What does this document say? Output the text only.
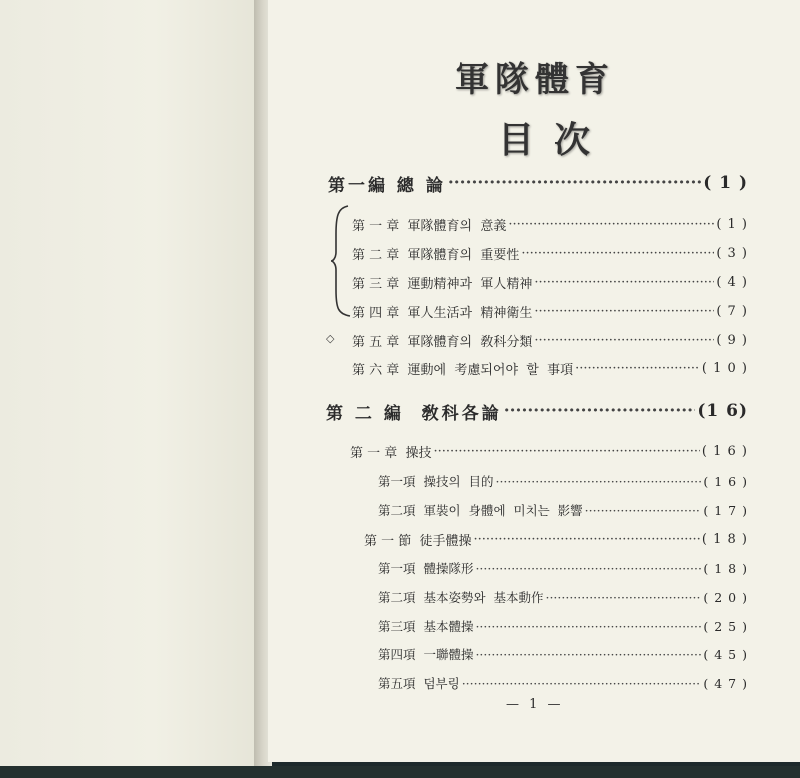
軍隊體育
目次
◇
第一編 總 論 ·····	( 1 )
第 一 章  軍隊體育의  意義 ·····	( 1 )
第 二 章  軍隊體育의  重要性 ·····	( 3 )
第 三 章  運動精神과  軍人精神 ·····	( 4 )
第 四 章  軍人生活과  精神衛生 ·····	( 7 )
第 五 章  軍隊體育의  敎科分類 ·····	( 9 )
第 六 章  運動에  考慮되어야  할  事項 ·····	( 1 0 )
第 二 編  敎科各論 ·····	(1 6)
第 一 章  操技 ·····	( 1 6 )
第一項  操技의  目的 ·····	( 1 6 )
第二項  軍裝이  身體에  미치는  影響 ·····	( 1 7 )
第 一 節  徒手體操 ·····	( 1 8 )
第一項  體操隊形 ·····	( 1 8 )
第二項  基本姿勢와  基本動作 ·····	( 2 0 )
第三項  基本體操 ·····	( 2 5 )
第四項  一聯體操 ·····	( 4 5 )
第五項  덤부링 ·····	( 4 7 )
— 1 —
